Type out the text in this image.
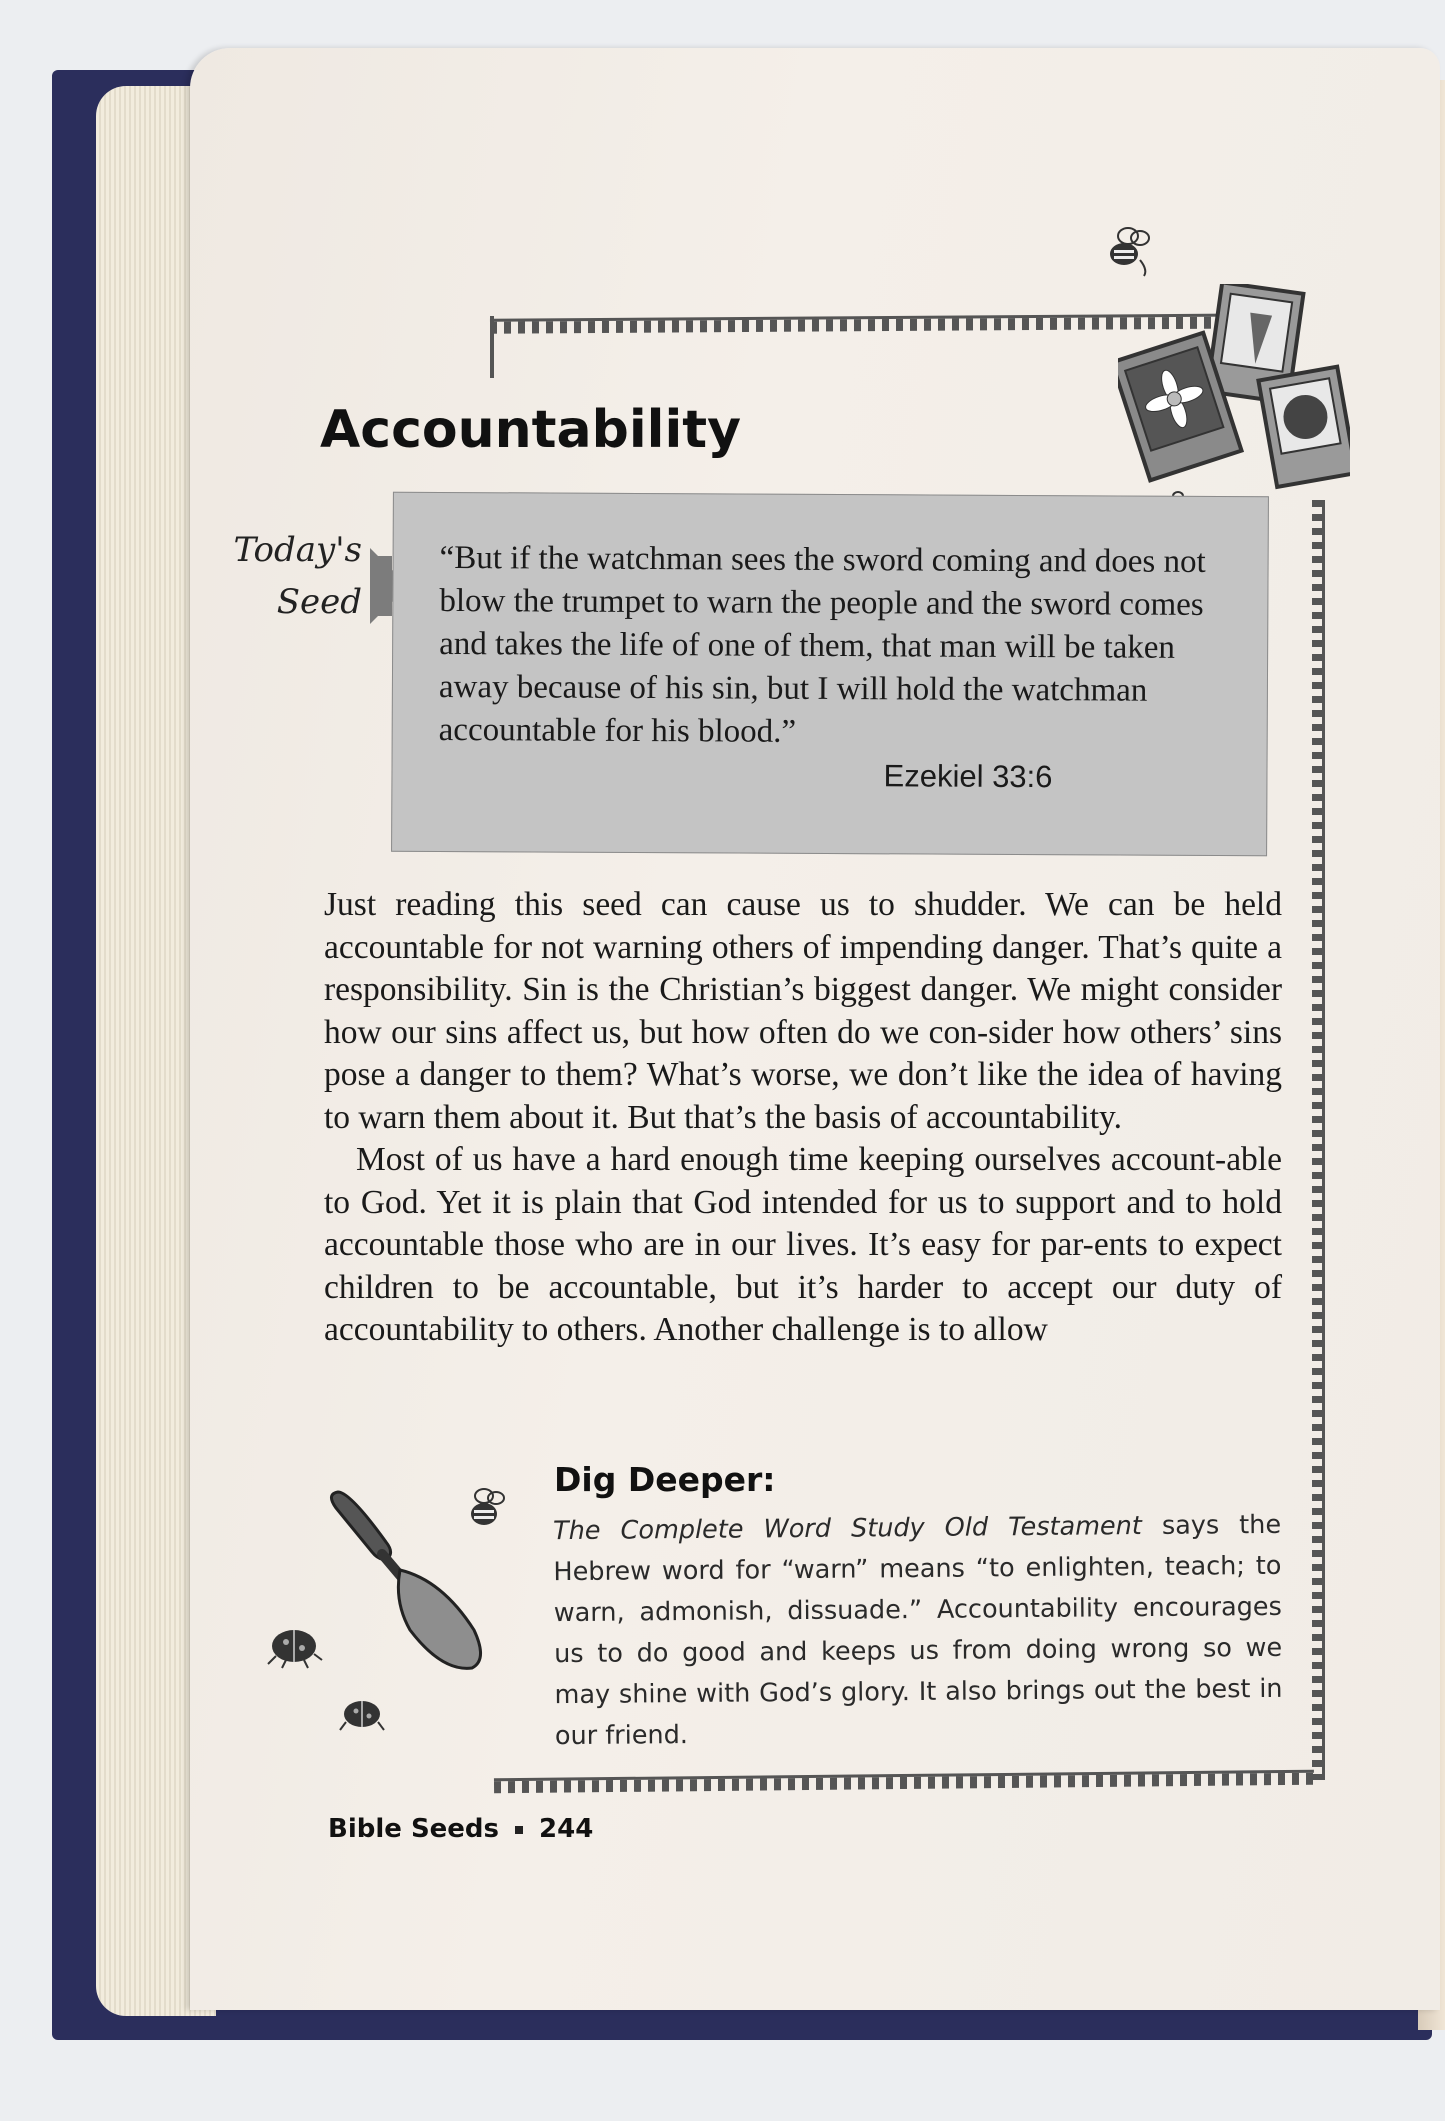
Accountability
Today's
Seed
“But if the watchman sees the sword coming and does not blow the trumpet to warn the people and the sword comes and takes the life of one of them, that man will be taken away because of his sin, but I will hold the watchman accountable for his blood.”
Ezekiel 33:6

Just reading this seed can cause us to shudder. We can be held accountable for not warning others of impending danger. That’s quite a responsibility. Sin is the Christian’s biggest danger. We might consider how our sins affect us, but how often do we con-sider how others’ sins pose a danger to them? What’s worse, we don’t like the idea of having to warn them about it. But that’s the basis of accountability.

Most of us have a hard enough time keeping ourselves account-able to God. Yet it is plain that God intended for us to support and to hold accountable those who are in our lives. It’s easy for par-ents to expect children to be accountable, but it’s harder to accept our duty of accountability to others. Another challenge is to allow

Dig Deeper:
The Complete Word Study Old Testament says the Hebrew word for “warn” means “to enlighten, teach; to warn, admonish, dissuade.” Accountability encourages us to do good and keeps us from doing wrong so we may shine with God’s glory. It also brings out the best in our friend.
Bible Seeds 244
